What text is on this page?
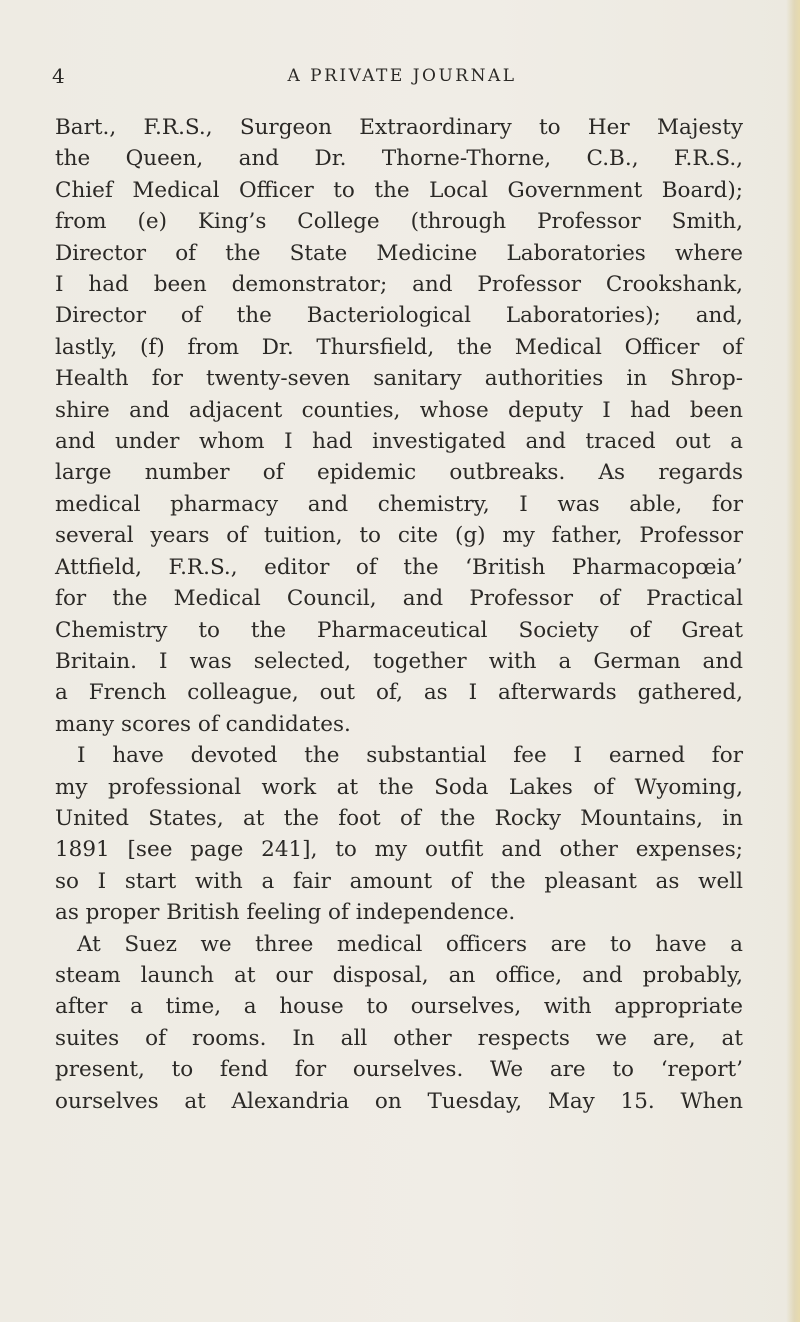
4	A PRIVATE JOURNAL
Bart., F.R.S., Surgeon Extraordinary to Her Majesty
the Queen, and Dr. Thorne-Thorne, C.B., F.R.S.,
Chief Medical Officer to the Local Government Board);
from (e) King’s College (through Professor Smith,
Director of the State Medicine Laboratories where
I had been demonstrator; and Professor Crookshank,
Director of the Bacteriological Laboratories); and,
lastly, (f) from Dr. Thursfield, the Medical Officer of
Health for twenty-seven sanitary authorities in Shrop-
shire and adjacent counties, whose deputy I had been
and under whom I had investigated and traced out a
large number of epidemic outbreaks. As regards
medical pharmacy and chemistry, I was able, for
several years of tuition, to cite (g) my father, Professor
Attfield, F.R.S., editor of the ‘British Pharmacopœia’
for the Medical Council, and Professor of Practical
Chemistry to the Pharmaceutical Society of Great
Britain. I was selected, together with a German and
a French colleague, out of, as I afterwards gathered,
many scores of candidates.
I have devoted the substantial fee I earned for
my professional work at the Soda Lakes of Wyoming,
United States, at the foot of the Rocky Mountains, in
1891 [see page 241], to my outfit and other expenses;
so I start with a fair amount of the pleasant as well
as proper British feeling of independence.
At Suez we three medical officers are to have a
steam launch at our disposal, an office, and probably,
after a time, a house to ourselves, with appropriate
suites of rooms. In all other respects we are, at
present, to fend for ourselves. We are to ‘report’
ourselves at Alexandria on Tuesday, May 15. When
